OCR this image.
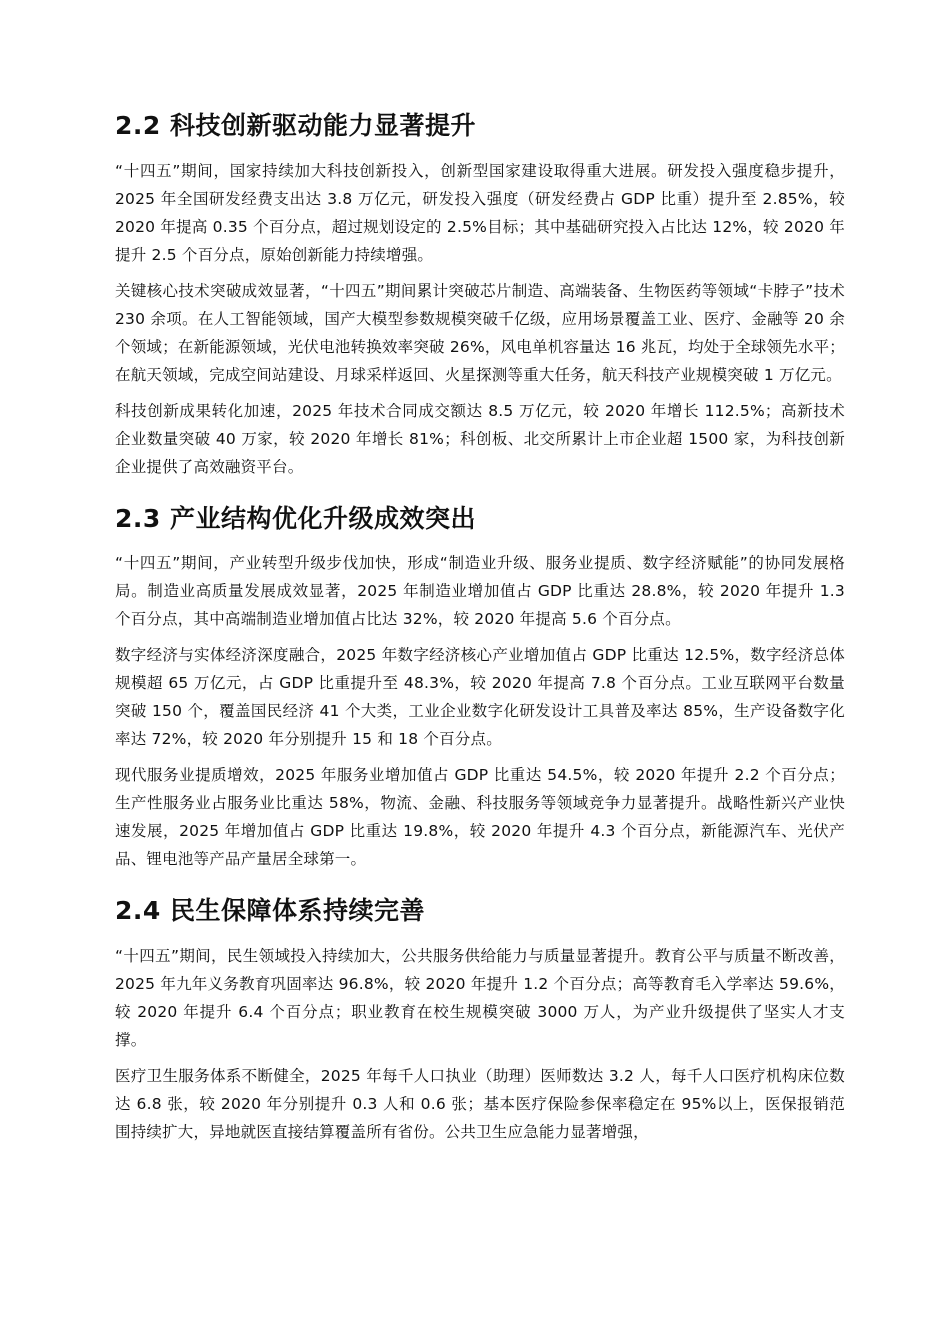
2.2 科技创新驱动能力显著提升

“十四五”期间，国家持续加大科技创新投入，创新型国家建设取得重大进展。研发投入强度稳步提升，2025 年全国研发经费支出达 3.8 万亿元，研发投入强度（研发经费占 GDP 比重）提升至 2.85%，较 2020 年提高 0.35 个百分点，超过规划设定的 2.5%目标；其中基础研究投入占比达 12%，较 2020 年提升 2.5 个百分点，原始创新能力持续增强。

关键核心技术突破成效显著，“十四五”期间累计突破芯片制造、高端装备、生物医药等领域“卡脖子”技术 230 余项。在人工智能领域，国产大模型参数规模突破千亿级，应用场景覆盖工业、医疗、金融等 20 余个领域；在新能源领域，光伏电池转换效率突破 26%，风电单机容量达 16 兆瓦，均处于全球领先水平；在航天领域，完成空间站建设、月球采样返回、火星探测等重大任务，航天科技产业规模突破 1 万亿元。

科技创新成果转化加速，2025 年技术合同成交额达 8.5 万亿元，较 2020 年增长 112.5%；高新技术企业数量突破 40 万家，较 2020 年增长 81%；科创板、北交所累计上市企业超 1500 家，为科技创新企业提供了高效融资平台。

2.3 产业结构优化升级成效突出

“十四五”期间，产业转型升级步伐加快，形成“制造业升级、服务业提质、数字经济赋能”的协同发展格局。制造业高质量发展成效显著，2025 年制造业增加值占 GDP 比重达 28.8%，较 2020 年提升 1.3 个百分点，其中高端制造业增加值占比达 32%，较 2020 年提高 5.6 个百分点。

数字经济与实体经济深度融合，2025 年数字经济核心产业增加值占 GDP 比重达 12.5%，数字经济总体规模超 65 万亿元，占 GDP 比重提升至 48.3%，较 2020 年提高 7.8 个百分点。工业互联网平台数量突破 150 个，覆盖国民经济 41 个大类，工业企业数字化研发设计工具普及率达 85%，生产设备数字化率达 72%，较 2020 年分别提升 15 和 18 个百分点。

现代服务业提质增效，2025 年服务业增加值占 GDP 比重达 54.5%，较 2020 年提升 2.2 个百分点；生产性服务业占服务业比重达 58%，物流、金融、科技服务等领域竞争力显著提升。战略性新兴产业快速发展，2025 年增加值占 GDP 比重达 19.8%，较 2020 年提升 4.3 个百分点，新能源汽车、光伏产品、锂电池等产品产量居全球第一。

2.4 民生保障体系持续完善

“十四五”期间，民生领域投入持续加大，公共服务供给能力与质量显著提升。教育公平与质量不断改善，2025 年九年义务教育巩固率达 96.8%，较 2020 年提升 1.2 个百分点；高等教育毛入学率达 59.6%，较 2020 年提升 6.4 个百分点；职业教育在校生规模突破 3000 万人，为产业升级提供了坚实人才支撑。

医疗卫生服务体系不断健全，2025 年每千人口执业（助理）医师数达 3.2 人，每千人口医疗机构床位数达 6.8 张，较 2020 年分别提升 0.3 人和 0.6 张；基本医疗保险参保率稳定在 95%以上，医保报销范围持续扩大，异地就医直接结算覆盖所有省份。公共卫生应急能力显著增强，
